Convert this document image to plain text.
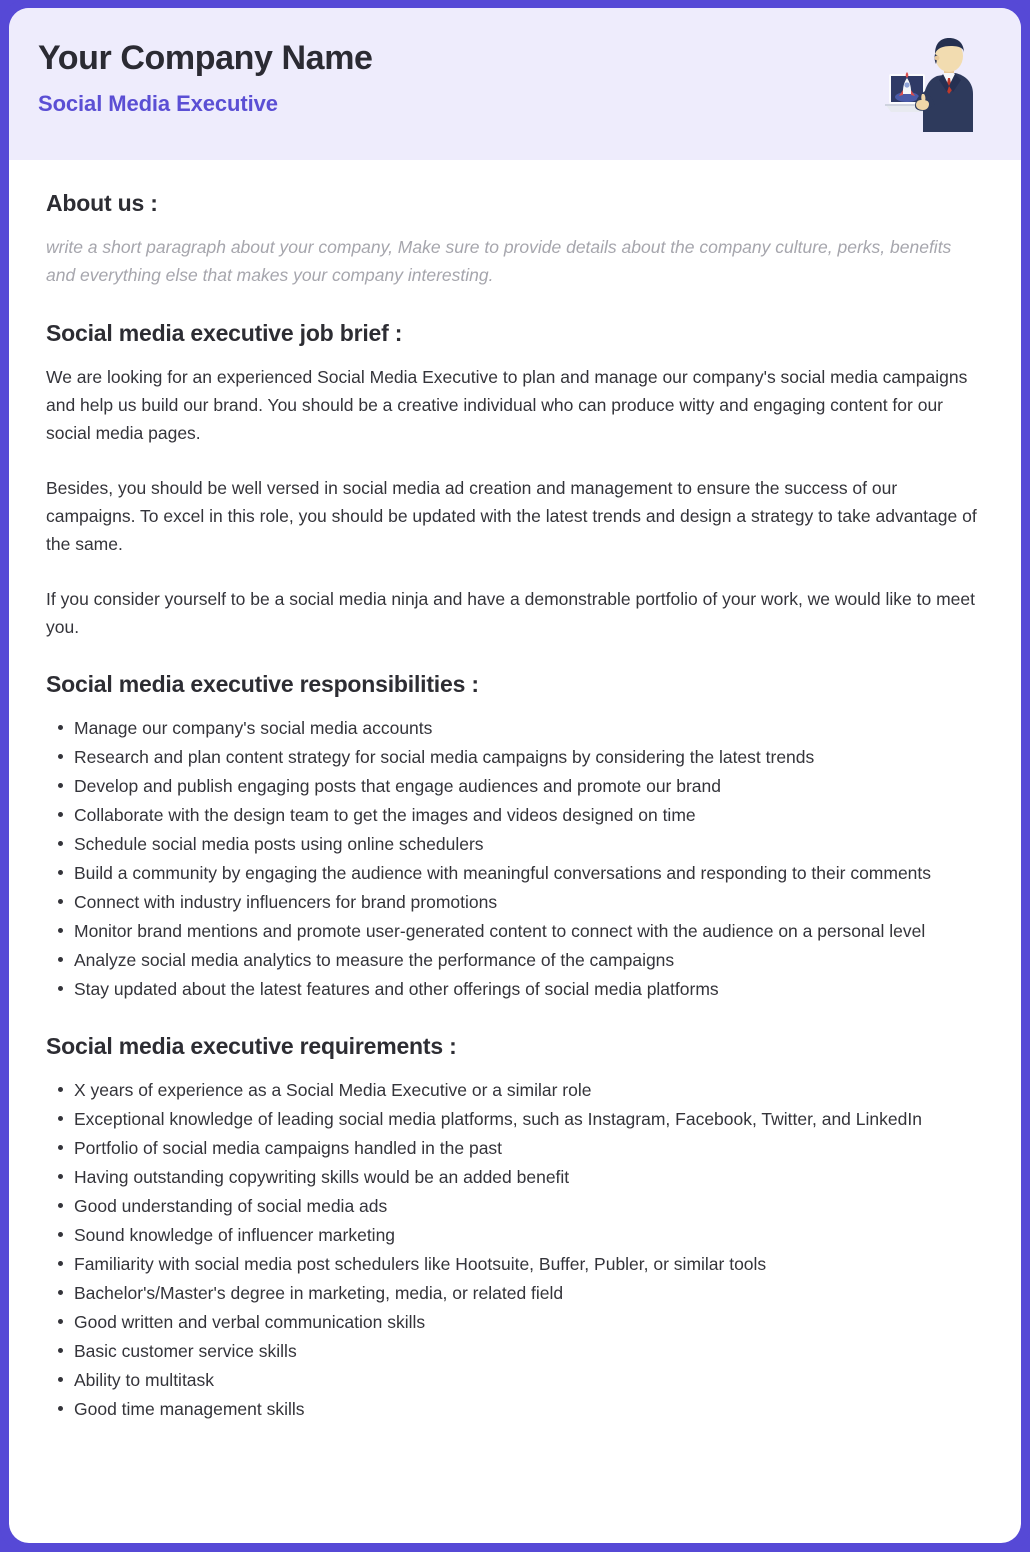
Your Company Name
Social Media Executive
About us :

write a short paragraph about your company, Make sure to provide details about the company culture, perks, benefits and everything else that makes your company interesting.

Social media executive job brief :

We are looking for an experienced Social Media Executive to plan and manage our company's social media campaigns and help us build our brand. You should be a creative individual who can produce witty and engaging content for our social media pages.

Besides, you should be well versed in social media ad creation and management to ensure the success of our campaigns. To excel in this role, you should be updated with the latest trends and design a strategy to take advantage of the same.

If you consider yourself to be a social media ninja and have a demonstrable portfolio of your work, we would like to meet you.

Social media executive responsibilities :
Manage our company's social media accounts
Research and plan content strategy for social media campaigns by considering the latest trends
Develop and publish engaging posts that engage audiences and promote our brand
Collaborate with the design team to get the images and videos designed on time
Schedule social media posts using online schedulers
Build a community by engaging the audience with meaningful conversations and responding to their comments
Connect with industry influencers for brand promotions
Monitor brand mentions and promote user-generated content to connect with the audience on a personal level
Analyze social media analytics to measure the performance of the campaigns
Stay updated about the latest features and other offerings of social media platforms
Social media executive requirements :
X years of experience as a Social Media Executive or a similar role
Exceptional knowledge of leading social media platforms, such as Instagram, Facebook, Twitter, and LinkedIn
Portfolio of social media campaigns handled in the past
Having outstanding copywriting skills would be an added benefit
Good understanding of social media ads
Sound knowledge of influencer marketing
Familiarity with social media post schedulers like Hootsuite, Buffer, Publer, or similar tools
Bachelor's/Master's degree in marketing, media, or related field
Good written and verbal communication skills
Basic customer service skills
Ability to multitask
Good time management skills
